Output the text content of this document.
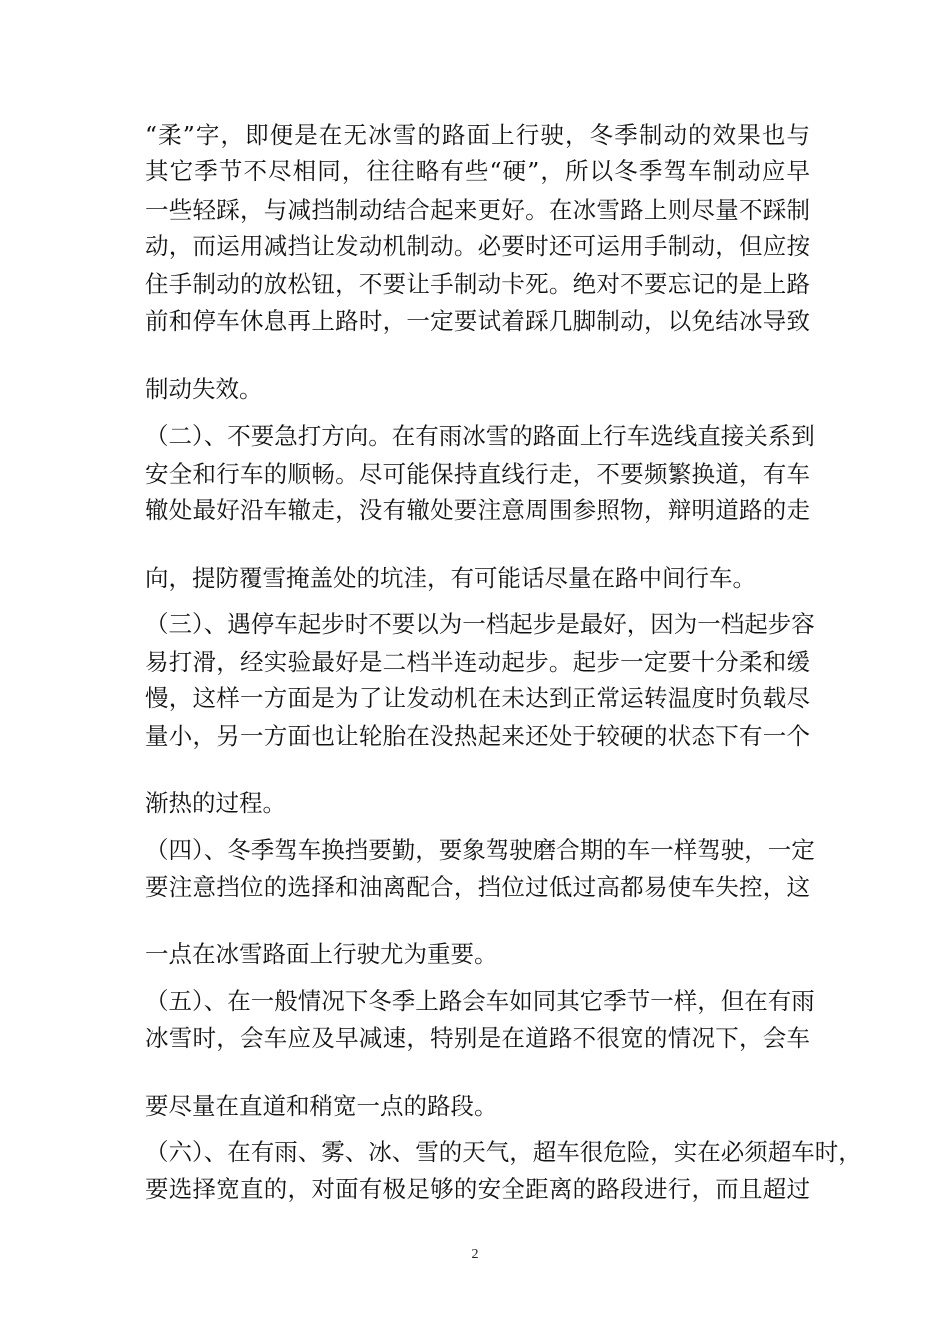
“柔”字，即便是在无冰雪的路面上行驶，冬季制动的效果也与
其它季节不尽相同，往往略有些“硬”，所以冬季驾车制动应早
一些轻踩，与减挡制动结合起来更好。在冰雪路上则尽量不踩制
动，而运用减挡让发动机制动。必要时还可运用手制动，但应按
住手制动的放松钮，不要让手制动卡死。绝对不要忘记的是上路
前和停车休息再上路时，一定要试着踩几脚制动，以免结冰导致
制动失效。
（二）、不要急打方向。在有雨冰雪的路面上行车选线直接关系到
安全和行车的顺畅。尽可能保持直线行走，不要频繁换道，有车
辙处最好沿车辙走，没有辙处要注意周围参照物，辩明道路的走
向，提防覆雪掩盖处的坑洼，有可能话尽量在路中间行车。
（三）、遇停车起步时不要以为一档起步是最好，因为一档起步容
易打滑，经实验最好是二档半连动起步。起步一定要十分柔和缓
慢，这样一方面是为了让发动机在未达到正常运转温度时负载尽
量小，另一方面也让轮胎在没热起来还处于较硬的状态下有一个
渐热的过程。
（四）、冬季驾车换挡要勤，要象驾驶磨合期的车一样驾驶，一定
要注意挡位的选择和油离配合，挡位过低过高都易使车失控，这
一点在冰雪路面上行驶尤为重要。
（五）、在一般情况下冬季上路会车如同其它季节一样，但在有雨
冰雪时，会车应及早减速，特别是在道路不很宽的情况下，会车
要尽量在直道和稍宽一点的路段。
（六）、在有雨、雾、冰、雪的天气，超车很危险，实在必须超车时，
要选择宽直的，对面有极足够的安全距离的路段进行，而且超过
2
